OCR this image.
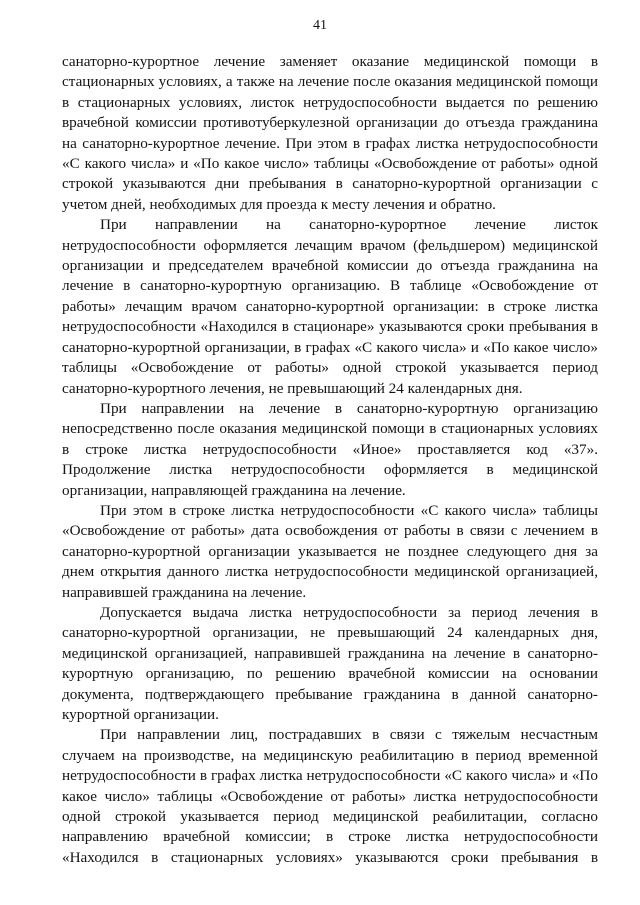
41

санаторно-курортное лечение заменяет оказание медицинской помощи в стационарных условиях, а также на лечение после оказания медицинской помощи в стационарных условиях, листок нетрудоспособности выдается по решению врачебной комиссии противотуберкулезной организации до отъезда гражданина на санаторно-курортное лечение. При этом в графах листка нетрудоспособности «С какого числа» и «По какое число» таблицы «Освобождение от работы» одной строкой указываются дни пребывания в санаторно-курортной организации с учетом дней, необходимых для проезда к месту лечения и обратно.

При направлении на санаторно-курортное лечение листок нетрудоспособности оформляется лечащим врачом (фельдшером) медицинской организации и председателем врачебной комиссии до отъезда гражданина на лечение в санаторно-курортную организацию. В таблице «Освобождение от работы» лечащим врачом санаторно-курортной организации: в строке листка нетрудоспособности «Находился в стационаре» указываются сроки пребывания в санаторно-курортной организации, в графах «С какого числа» и «По какое число» таблицы «Освобождение от работы» одной строкой указывается период санаторно-курортного лечения, не превышающий 24 календарных дня.

При направлении на лечение в санаторно-курортную организацию непосредственно после оказания медицинской помощи в стационарных условиях в строке листка нетрудоспособности «Иное» проставляется код «37». Продолжение листка нетрудоспособности оформляется в медицинской организации, направляющей гражданина на лечение.

При этом в строке листка нетрудоспособности «С какого числа» таблицы «Освобождение от работы» дата освобождения от работы в связи с лечением в санаторно-курортной организации указывается не позднее следующего дня за днем открытия данного листка нетрудоспособности медицинской организацией, направившей гражданина на лечение.

Допускается выдача листка нетрудоспособности за период лечения в санаторно-курортной организации, не превышающий 24 календарных дня, медицинской организацией, направившей гражданина на лечение в санаторно-курортную организацию, по решению врачебной комиссии на основании документа, подтверждающего пребывание гражданина в данной санаторно-курортной организации.

При направлении лиц, пострадавших в связи с тяжелым несчастным случаем на производстве, на медицинскую реабилитацию в период временной нетрудоспособности в графах листка нетрудоспособности «С какого числа» и «По какое число» таблицы «Освобождение от работы» листка нетрудоспособности одной строкой указывается период медицинской реабилитации, согласно направлению врачебной комиссии; в строке листка нетрудоспособности «Находился в стационарных условиях» указываются сроки пребывания в
